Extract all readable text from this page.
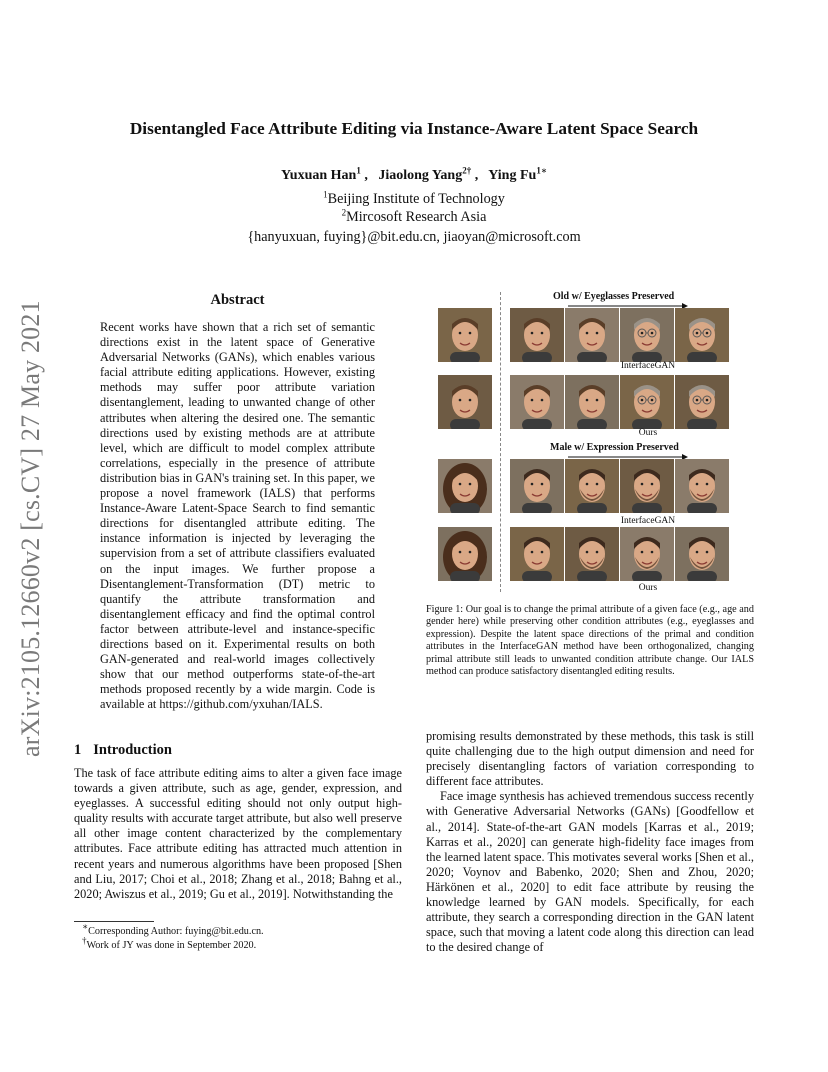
Disentangled Face Attribute Editing via Instance-Aware Latent Space Search
Yuxuan Han$^1$ ,   Jiaolong Yang$^{2\dagger}$ ,   Ying $Fu^{1∗}$
$^1$Beijing Institute of Technology
$^2$Mircosoft Research Asia
{hanyuxuan, fuying}@bit.edu.cn, jiaoyan@microsoft.com
arXiv:2105.12660v2 [cs.CV] 27 May 2021
Abstract
Recent works have shown that a rich set of semantic directions exist in the latent space of Generative Adversarial Networks (GANs), which enables various facial attribute editing applications. However, existing methods may suffer poor attribute variation disentanglement, leading to unwanted change of other attributes when altering the desired one. The semantic directions used by existing methods are at attribute level, which are difficult to model complex attribute correlations, especially in the presence of attribute distribution bias in GAN's training set. In this paper, we propose a novel framework (IALS) that performs Instance-Aware Latent-Space Search to find semantic directions for disentangled attribute editing. The instance information is injected by leveraging the supervision from a set of attribute classifiers evaluated on the input images. We further propose a Disentanglement-Transformation (DT) metric to quantify the attribute transformation and disentanglement efficacy and find the optimal control factor between attribute-level and instance-specific directions based on it. Experimental results on both GAN-generated and real-world images collectively show that our method outperforms state-of-the-art methods proposed recently by a wide margin. Code is available at https://github.com/yxuhan/IALS.
Old w/ Eyeglasses Preserved
Male w/ Expression Preserved
InterfaceGAN
Ours
InterfaceGAN
Ours
Figure 1: Our goal is to change the primal attribute of a given face (e.g., age and gender here) while preserving other condition attributes (e.g., eyeglasses and expression). Despite the latent space directions of the primal and condition attributes in the InterfaceGAN method have been orthogonalized, changing primal attribute still leads to unwanted condition attribute change. Our IALS method can produce satisfactory disentangled editing results.
1 Introduction

The task of face attribute editing aims to alter a given face image towards a given attribute, such as age, gender, expression, and eyeglasses. A successful editing should not only output high-quality results with accurate target attribute, but also well preserve all other image content characterized by the complementary attributes. Face attribute editing has attracted much attention in recent years and numerous algorithms have been proposed [Shen and Liu, 2017; Choi et al., 2018; Zhang et al., 2018; Bahng et al., 2020; Awiszus et al., 2019; Gu et al., 2019]. Notwithstanding the

∗Corresponding Author: fuying@bit.edu.cn.
†Work of JY was done in September 2020.

promising results demonstrated by these methods, this task is still quite challenging due to the high output dimension and need for precisely disentangling factors of variation corresponding to different face attributes.

Face image synthesis has achieved tremendous success recently with Generative Adversarial Networks (GANs) [Goodfellow et al., 2014]. State-of-the-art GAN models [Karras et al., 2019; Karras et al., 2020] can generate high-fidelity face images from the learned latent space. This motivates several works [Shen et al., 2020; Voynov and Babenko, 2020; Shen and Zhou, 2020; Härkönen et al., 2020] to edit face attribute by reusing the knowledge learned by GAN models. Specifically, for each attribute, they search a corresponding direction in the GAN latent space, such that moving a latent code along this direction can lead to the desired change of
